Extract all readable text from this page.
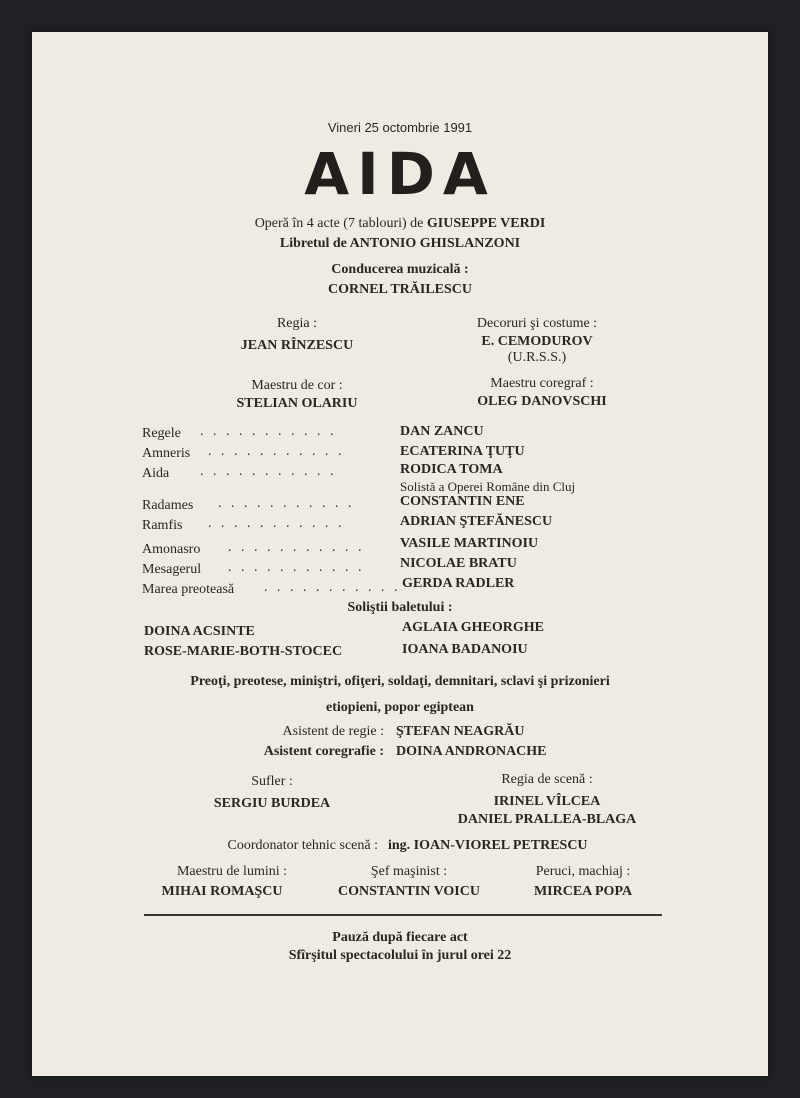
Vineri 25 octombrie 1991
AIDA
Operă în 4 acte (7 tablouri) de GIUSEPPE VERDI
Libretul de ANTONIO GHISLANZONI
Conducerea muzicală :
CORNEL TRĂILESCU
Regia :
JEAN RÎNZESCU
Decoruri şi costume :
E. CEMODUROV
(U.R.S.S.)
Maestru de cor :
STELIAN OLARIU
Maestru coregraf :
OLEG DANOVSCHI
Regele . . . . . . . . . . .	DAN ZANCU
Amneris . . . . . . . . . . .	ECATERINA ŢUŢU
Aida . . . . . . . . . . .	RODICA TOMA
Solistă a Operei Române din Cluj
Radames . . . . . . . . . . .	CONSTANTIN ENE
Ramfis . . . . . . . . . . .	ADRIAN ŞTEFĂNESCU
Amonasro . . . . . . . . . . .	VASILE MARTINOIU
Mesagerul . . . . . . . . . . .	NICOLAE BRATU
Marea preoteasă . . . . . . . . . . . GERDA RADLER
Soliştii baletului :
DOINA ACSINTE	AGLAIA GHEORGHE
ROSE-MARIE-BOTH-STOCEC	IOANA BADANOIU
Preoţi, preotese, miniştri, ofiţeri, soldaţi, demnitari, sclavi şi prizonieri
etiopieni, popor egiptean
Asistent de regie : ŞTEFAN NEAGRĂU
Asistent coregrafie : DOINA ANDRONACHE
Sufler :
SERGIU BURDEA
Regia de scenă :
IRINEL VÎLCEA
DANIEL PRALLEA-BLAGA
Coordonator tehnic scenă : ing. IOAN-VIOREL PETRESCU
Maestru de lumini :
MIHAI ROMAŞCU
Şef maşinist :
CONSTANTIN VOICU
Peruci, machiaj :
MIRCEA POPA
Pauză după fiecare act
Sfîrşitul spectacolului în jurul orei 22
